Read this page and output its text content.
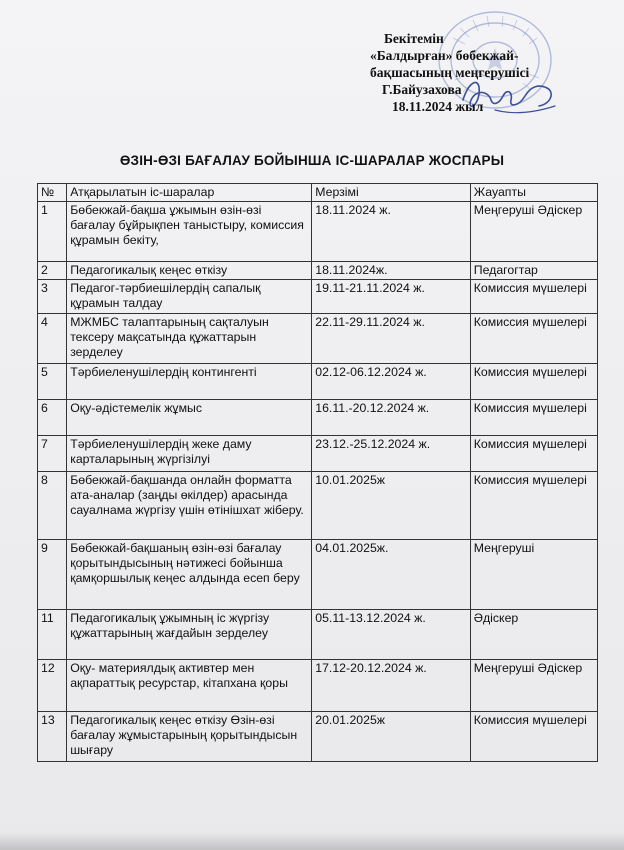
Бекітемін
«Балдырған» бөбекжай-
бақшасының меңгерушісі
Г.Байузахова
18.11.2024 жыл
ӨЗІН-ӨЗІ БАҒАЛАУ БОЙЫНША ІС-ШАРАЛАР ЖОСПАРЫ
№	Атқарылатын іс-шаралар	Мерзімі	Жауапты
1	Бөбекжай-бақша ұжымын өзін-өзі бағалау бұйрықпен таныстыру, комиссия құрамын бекіту,	18.11.2024 ж.	Меңгеруші Әдіскер
2	Педагогикалық кеңес өткізу	18.11.2024ж.	Педагогтар
3	Педагог-тәрбиешілердің сапалық құрамын талдау	19.11-21.11.2024 ж.	Комиссия мүшелері
4	МЖМБС талаптарының сақталуын тексеру мақсатында құжаттарын зерделеу	22.11-29.11.2024 ж.	Комиссия мүшелері
5	Тәрбиеленушілердің контингенті	02.12-06.12.2024 ж.	Комиссия мүшелері
6	Оқу-әдістемелік жұмыс	16.11.-20.12.2024 ж.	Комиссия мүшелері
7	Тәрбиеленушілердің жеке даму карталарының жүргізілуі	23.12.-25.12.2024 ж.	Комиссия мүшелері
8	Бөбекжай-бақшанда онлайн форматта ата-аналар (заңды өкілдер) арасында сауалнама жүргізу үшін өтінішхат жіберу.	10.01.2025ж	Комиссия мүшелері
9	Бөбекжай-бақшаның өзін-өзі бағалау қорытындысының нәтижесі бойынша қамқоршылық кеңес алдында есеп беру	04.01.2025ж.	Меңгеруші
11	Педагогикалық ұжымның іс жүргізу құжаттарының жағдайын зерделеу	05.11-13.12.2024 ж.	Әдіскер
12	Оқу- материялдық активтер мен ақпараттық ресурстар, кітапхана қоры	17.12-20.12.2024 ж.	Меңгеруші Әдіскер
13	Педагогикалық кеңес өткізу Өзін-өзі бағалау жұмыстарының қорытындысын шығару	20.01.2025ж	Комиссия мүшелері
